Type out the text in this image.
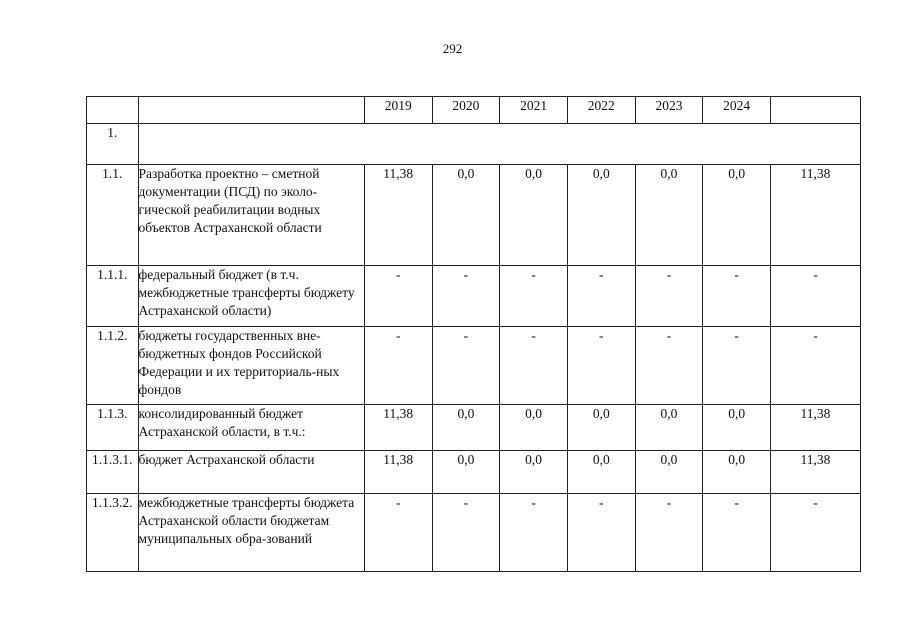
292
		2019	2020	2021	2022	2023	2024	
1.								
1.1.	Разработка проектно – сметной документации (ПСД) по эколо-гической реабилитации водных объектов Астраханской области	11,38	0,0	0,0	0,0	0,0	0,0	11,38
1.1.1.	федеральный бюджет (в т.ч. межбюджетные трансферты бюджету Астраханской области)	-	-	-	-	-	-	-
1.1.2.	бюджеты государственных вне-бюджетных фондов Российской Федерации и их территориаль-ных фондов	-	-	-	-	-	-	-
1.1.3.	консолидированный бюджет Астраханской области, в т.ч.:	11,38	0,0	0,0	0,0	0,0	0,0	11,38
1.1.3.1.	бюджет Астраханской области	11,38	0,0	0,0	0,0	0,0	0,0	11,38
1.1.3.2.	межбюджетные трансферты бюджета Астраханской области бюджетам муниципальных обра-зований	-	-	-	-	-	-	-
